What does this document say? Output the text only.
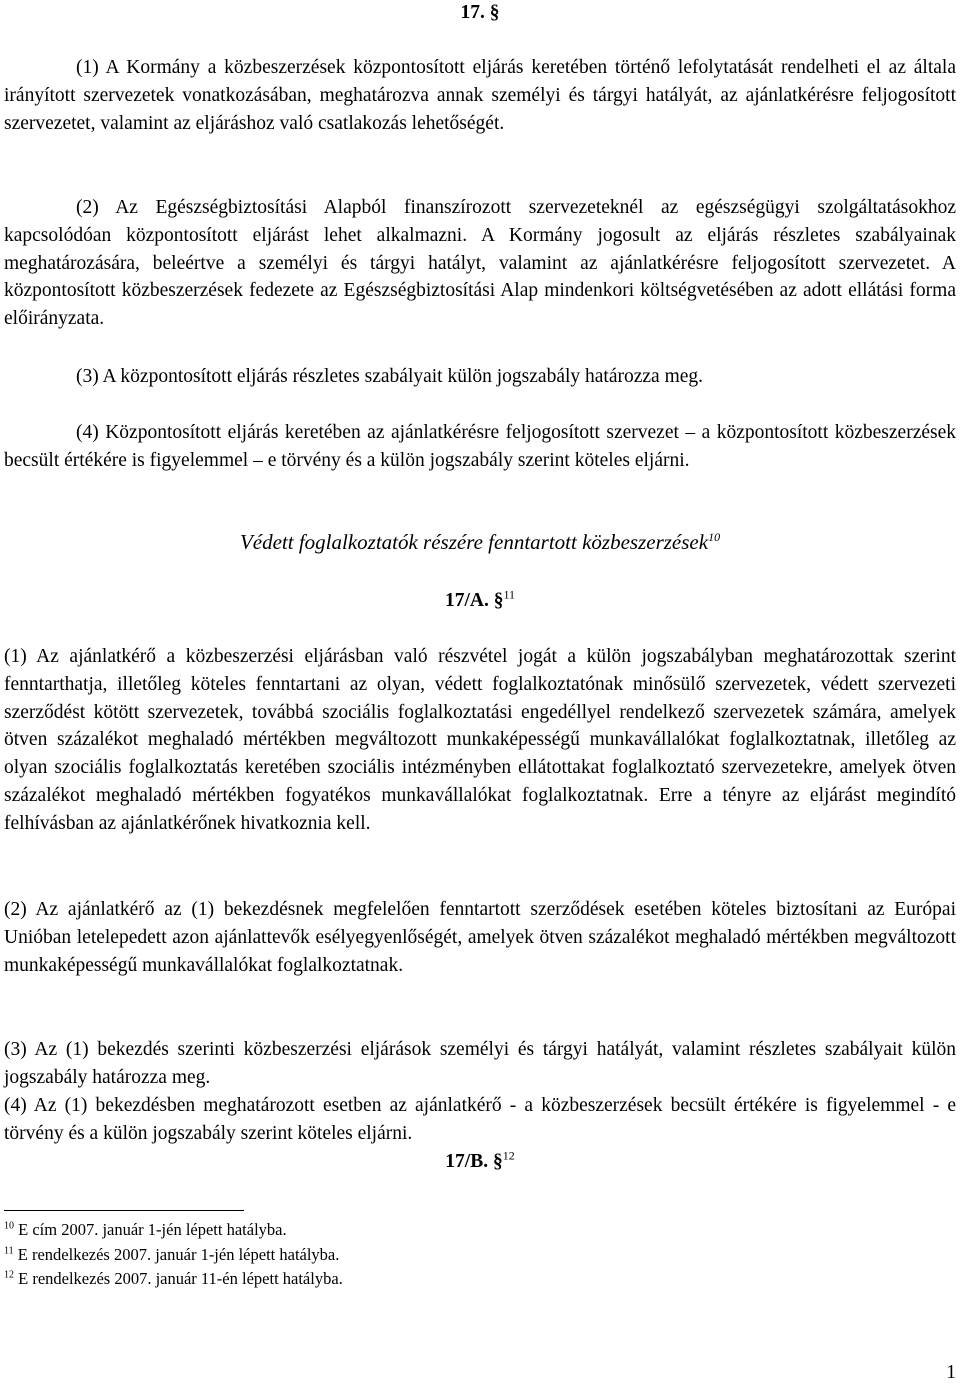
17. §

(1) A Kormány a közbeszerzések központosított eljárás keretében történő lefolytatását rendelheti el az általa irányított szervezetek vonatkozásában, meghatározva annak személyi és tárgyi hatályát, az ajánlatkérésre feljogosított szervezetet, valamint az eljáráshoz való csatlakozás lehetőségét.

(2) Az Egészségbiztosítási Alapból finanszírozott szervezeteknél az egészségügyi szolgáltatásokhoz kapcsolódóan központosított eljárást lehet alkalmazni. A Kormány jogosult az eljárás részletes szabályainak meghatározására, beleértve a személyi és tárgyi hatályt, valamint az ajánlatkérésre feljogosított szervezetet. A központosított közbeszerzések fedezete az Egészségbiztosítási Alap mindenkori költségvetésében az adott ellátási forma előirányzata.

(3) A központosított eljárás részletes szabályait külön jogszabály határozza meg.

(4) Központosított eljárás keretében az ajánlatkérésre feljogosított szervezet – a központosított közbeszerzések becsült értékére is figyelemmel – e törvény és a külön jogszabály szerint köteles eljárni.

Védett foglalkoztatók részére fenntartott közbeszerzések$^{10}$
17/A. §$^{11}$

(1) Az ajánlatkérő a közbeszerzési eljárásban való részvétel jogát a külön jogszabályban meghatározottak szerint fenntarthatja, illetőleg köteles fenntartani az olyan, védett foglalkoztatónak minősülő szervezetek, védett szervezeti szerződést kötött szervezetek, továbbá szociális foglalkoztatási engedéllyel rendelkező szervezetek számára, amelyek ötven százalékot meghaladó mértékben megváltozott munkaképességű munkavállalókat foglalkoztatnak, illetőleg az olyan szociális foglalkoztatás keretében szociális intézményben ellátottakat foglalkoztató szervezetekre, amelyek ötven százalékot meghaladó mértékben fogyatékos munkavállalókat foglalkoztatnak. Erre a tényre az eljárást megindító felhívásban az ajánlatkérőnek hivatkoznia kell.

(2) Az ajánlatkérő az (1) bekezdésnek megfelelően fenntartott szerződések esetében köteles biztosítani az Európai Unióban letelepedett azon ajánlattevők esélyegyenlőségét, amelyek ötven százalékot meghaladó mértékben megváltozott munkaképességű munkavállalókat foglalkoztatnak.

(3) Az (1) bekezdés szerinti közbeszerzési eljárások személyi és tárgyi hatályát, valamint részletes szabályait külön jogszabály határozza meg.

(4) Az (1) bekezdésben meghatározott esetben az ajánlatkérő - a közbeszerzések becsült értékére is figyelemmel - e törvény és a külön jogszabály szerint köteles eljárni.

17/B. §$^{12}$
$^{10}$ E cím 2007. január 1-jén lépett hatályba.
$^{11}$ E rendelkezés 2007. január 1-jén lépett hatályba.
$^{12}$ E rendelkezés 2007. január 11-én lépett hatályba.
1
